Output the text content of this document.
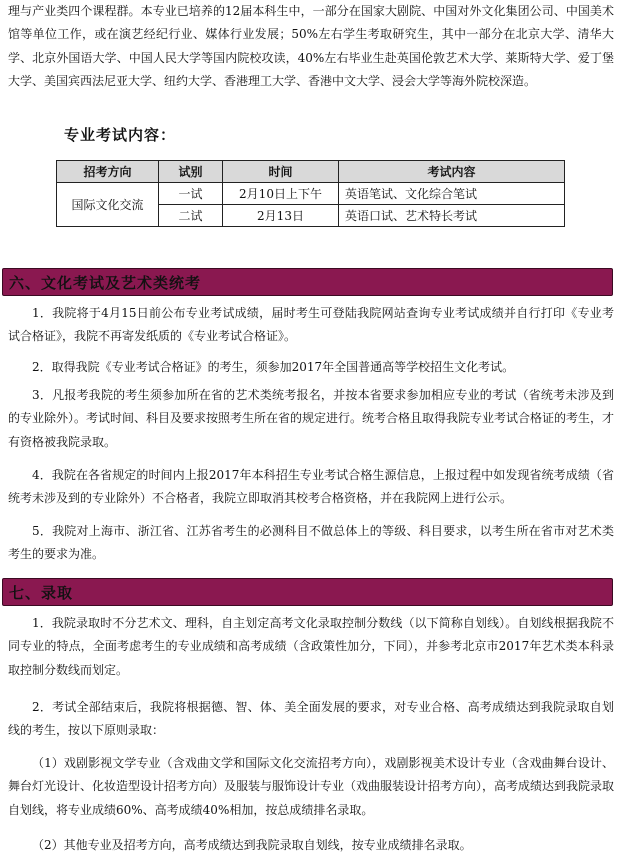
理与产业类四个课程群。本专业已培养的12届本科生中，一部分在国家大剧院、中国对外文化集团公司、中国美术馆等单位工作，或在演艺经纪行业、媒体行业发展；50%左右学生考取研究生，其中一部分在北京大学、清华大学、北京外国语大学、中国人民大学等国内院校攻读，40%左右毕业生赴英国伦敦艺术大学、莱斯特大学、爱丁堡大学、美国宾西法尼亚大学、纽约大学、香港理工大学、香港中文大学、浸会大学等海外院校深造。

专业考试内容：
招考方向	试别	时间	考试内容
国际文化交流	一试	2月10日上下午	英语笔试、文化综合笔试
	二试	2月13日	英语口试、艺术特长考试
六、文化考试及艺术类统考

1．我院将于4月15日前公布专业考试成绩，届时考生可登陆我院网站查询专业考试成绩并自行打印《专业考试合格证》，我院不再寄发纸质的《专业考试合格证》。

2．取得我院《专业考试合格证》的考生，须参加2017年全国普通高等学校招生文化考试。

3．凡报考我院的考生须参加所在省的艺术类统考报名，并按本省要求参加相应专业的考试（省统考未涉及到的专业除外）。考试时间、科目及要求按照考生所在省的规定进行。统考合格且取得我院专业考试合格证的考生，才有资格被我院录取。

4．我院在各省规定的时间内上报2017年本科招生专业考试合格生源信息，上报过程中如发现省统考成绩（省统考未涉及到的专业除外）不合格者，我院立即取消其校考合格资格，并在我院网上进行公示。

5．我院对上海市、浙江省、江苏省考生的必测科目不做总体上的等级、科目要求，以考生所在省市对艺术类考生的要求为准。

七、录取

1．我院录取时不分艺术文、理科，自主划定高考文化录取控制分数线（以下简称自划线）。自划线根据我院不同专业的特点，全面考虑考生的专业成绩和高考成绩（含政策性加分，下同），并参考北京市2017年艺术类本科录取控制分数线而划定。

2．考试全部结束后，我院将根据德、智、体、美全面发展的要求，对专业合格、高考成绩达到我院录取自划线的考生，按以下原则录取：

（1）戏剧影视文学专业（含戏曲文学和国际文化交流招考方向），戏剧影视美术设计专业（含戏曲舞台设计、舞台灯光设计、化妆造型设计招考方向）及服装与服饰设计专业（戏曲服装设计招考方向），高考成绩达到我院录取自划线，将专业成绩60%、高考成绩40%相加，按总成绩排名录取。

（2）其他专业及招考方向，高考成绩达到我院录取自划线，按专业成绩排名录取。
